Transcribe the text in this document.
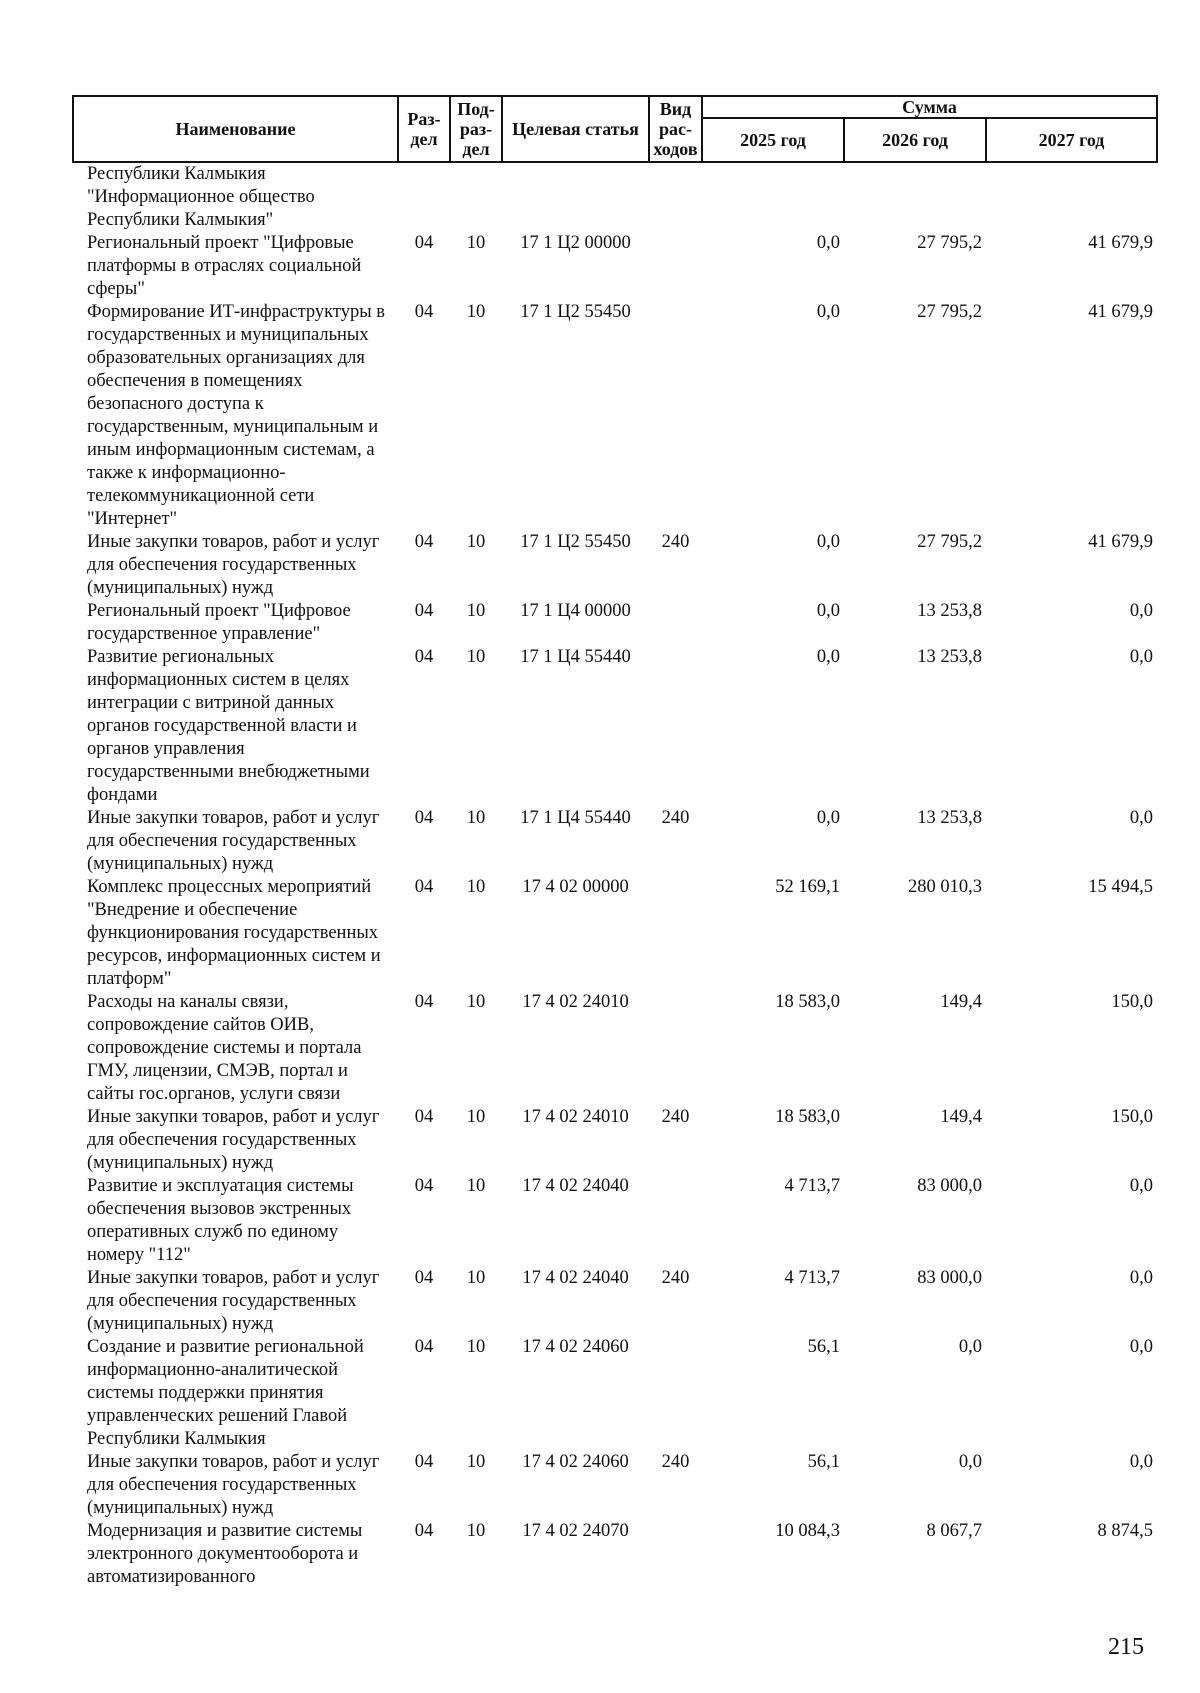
Наименование	Раз- дел	Под- раз- дел	Целевая статья	Вид рас- ходов	Сумма		
					2025 год	2026 год	2027 год
Республики Калмыкия "Информационное общество Республики Калмыкия"							
Региональный проект "Цифровые платформы в отраслях социальной сферы"	04	10	17 1 Ц2 00000		0,0	27 795,2	41 679,9
Формирование ИТ-инфраструктуры в государственных и муниципальных образовательных организациях для обеспечения в помещениях безопасного доступа к государственным, муниципальным и иным информационным системам, а также к информационно-телекоммуникационной сети "Интернет"	04	10	17 1 Ц2 55450		0,0	27 795,2	41 679,9
Иные закупки товаров, работ и услуг для обеспечения государственных (муниципальных) нужд	04	10	17 1 Ц2 55450	240	0,0	27 795,2	41 679,9
Региональный проект "Цифровое государственное управление"	04	10	17 1 Ц4 00000		0,0	13 253,8	0,0
Развитие региональных информационных систем в целях интеграции с витриной данных органов государственной власти и органов управления государственными внебюджетными фондами	04	10	17 1 Ц4 55440		0,0	13 253,8	0,0
Иные закупки товаров, работ и услуг для обеспечения государственных (муниципальных) нужд	04	10	17 1 Ц4 55440	240	0,0	13 253,8	0,0
Комплекс процессных мероприятий "Внедрение и обеспечение функционирования государственных ресурсов, информационных систем и платформ"	04	10	17 4 02 00000		52 169,1	280 010,3	15 494,5
Расходы на каналы связи, сопровождение сайтов ОИВ, сопровождение системы и портала ГМУ, лицензии, СМЭВ, портал и сайты гос.органов, услуги связи	04	10	17 4 02 24010		18 583,0	149,4	150,0
Иные закупки товаров, работ и услуг для обеспечения государственных (муниципальных) нужд	04	10	17 4 02 24010	240	18 583,0	149,4	150,0
Развитие и эксплуатация системы обеспечения вызовов экстренных оперативных служб по единому номеру "112"	04	10	17 4 02 24040		4 713,7	83 000,0	0,0
Иные закупки товаров, работ и услуг для обеспечения государственных (муниципальных) нужд	04	10	17 4 02 24040	240	4 713,7	83 000,0	0,0
Создание и развитие региональной информационно-аналитической системы поддержки принятия управленческих решений Главой Республики Калмыкия	04	10	17 4 02 24060		56,1	0,0	0,0
Иные закупки товаров, работ и услуг для обеспечения государственных (муниципальных) нужд	04	10	17 4 02 24060	240	56,1	0,0	0,0
Модернизация и развитие системы электронного документооборота и автоматизированного	04	10	17 4 02 24070		10 084,3	8 067,7	8 874,5
215
